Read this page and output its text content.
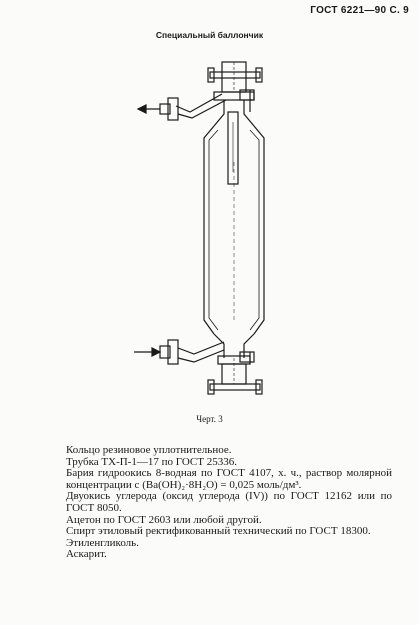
ГОСТ 6221—90 С. 9
Специальный баллончик
Черт. 3

Кольцо резиновое уплотнительное.

Трубка ТХ-П-1—17 по ГОСТ 25336.

Бария гидроокись 8-водная по ГОСТ 4107, х. ч., раствор молярной концентрации c (Ba(OH)₂·8H₂O) = 0,025 моль/дм³.

Двуокись углерода (оксид углерода (IV)) по ГОСТ 12162 или по ГОСТ 8050.

Ацетон по ГОСТ 2603 или любой другой.

Спирт этиловый ректификованный технический по ГОСТ 18300.

Этиленгликоль.

Аскарит.
